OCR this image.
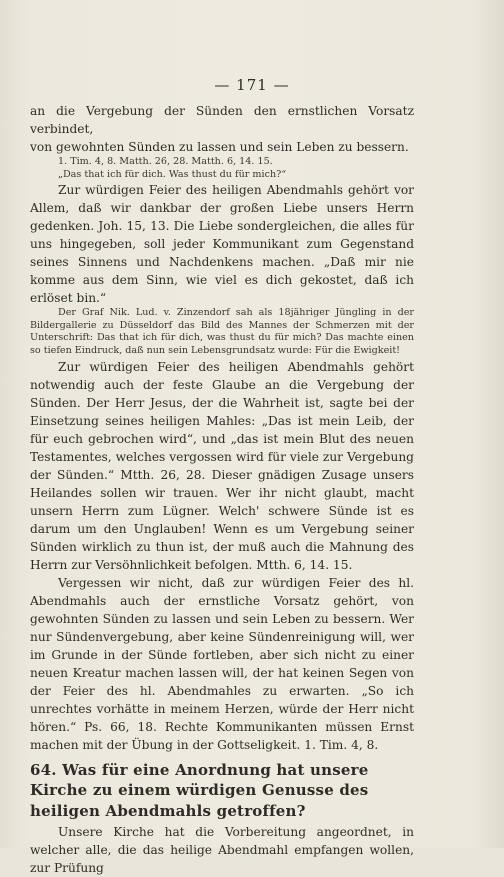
— 171 —

an die Vergebung der Sünden den ernstlichen Vorsatz verbindet,

von gewohnten Sünden zu lassen und sein Leben zu bessern.

1. Tim. 4, 8. Matth. 26, 28. Matth. 6, 14. 15.

„Das that ich für dich. Was thust du für mich?“

Zur würdigen Feier des heiligen Abendmahls gehört vor Allem, daß wir dankbar der großen Liebe unsers Herrn gedenken. Joh. 15, 13. Die Liebe sondergleichen, die alles für uns hingegeben, soll jeder Kommunikant zum Gegenstand seines Sinnens und Nachdenkens machen. „Daß mir nie komme aus dem Sinn, wie viel es dich gekostet, daß ich erlöset bin.“

Der Graf Nik. Lud. v. Zinzendorf sah als 18jähriger Jüngling in der Bildergallerie zu Düsseldorf das Bild des Mannes der Schmerzen mit der Unterschrift: Das that ich für dich, was thust du für mich? Das machte einen so tiefen Eindruck, daß nun sein Lebensgrundsatz wurde: Für die Ewigkeit!

Zur würdigen Feier des heiligen Abendmahls gehört notwendig auch der feste Glaube an die Vergebung der Sünden. Der Herr Jesus, der die Wahrheit ist, sagte bei der Einsetzung seines heiligen Mahles: „Das ist mein Leib, der für euch gebrochen wird“, und „das ist mein Blut des neuen Testamentes, welches vergossen wird für viele zur Vergebung der Sünden.“ Mtth. 26, 28. Dieser gnädigen Zusage unsers Heilandes sollen wir trauen. Wer ihr nicht glaubt, macht unsern Herrn zum Lügner. Welch' schwere Sünde ist es darum um den Unglauben! Wenn es um Vergebung seiner Sünden wirklich zu thun ist, der muß auch die Mahnung des Herrn zur Versöhnlichkeit befolgen. Mtth. 6, 14. 15.

Vergessen wir nicht, daß zur würdigen Feier des hl. Abendmahls auch der ernstliche Vorsatz gehört, von gewohnten Sünden zu lassen und sein Leben zu bessern. Wer nur Sündenvergebung, aber keine Sündenreinigung will, wer im Grunde in der Sünde fortleben, aber sich nicht zu einer neuen Kreatur machen lassen will, der hat keinen Segen von der Feier des hl. Abendmahles zu erwarten. „So ich unrechtes vorhätte in meinem Herzen, würde der Herr nicht hören.“ Ps. 66, 18. Rechte Kommunikanten müssen Ernst machen mit der Übung in der Gottseligkeit. 1. Tim. 4, 8.

64. Was für eine Anordnung hat unsere Kirche zu einem würdigen Genusse des heiligen Abendmahls getroffen?

Unsere Kirche hat die Vorbereitung angeordnet, in welcher alle, die das heilige Abendmahl empfangen wollen, zur Prüfung
